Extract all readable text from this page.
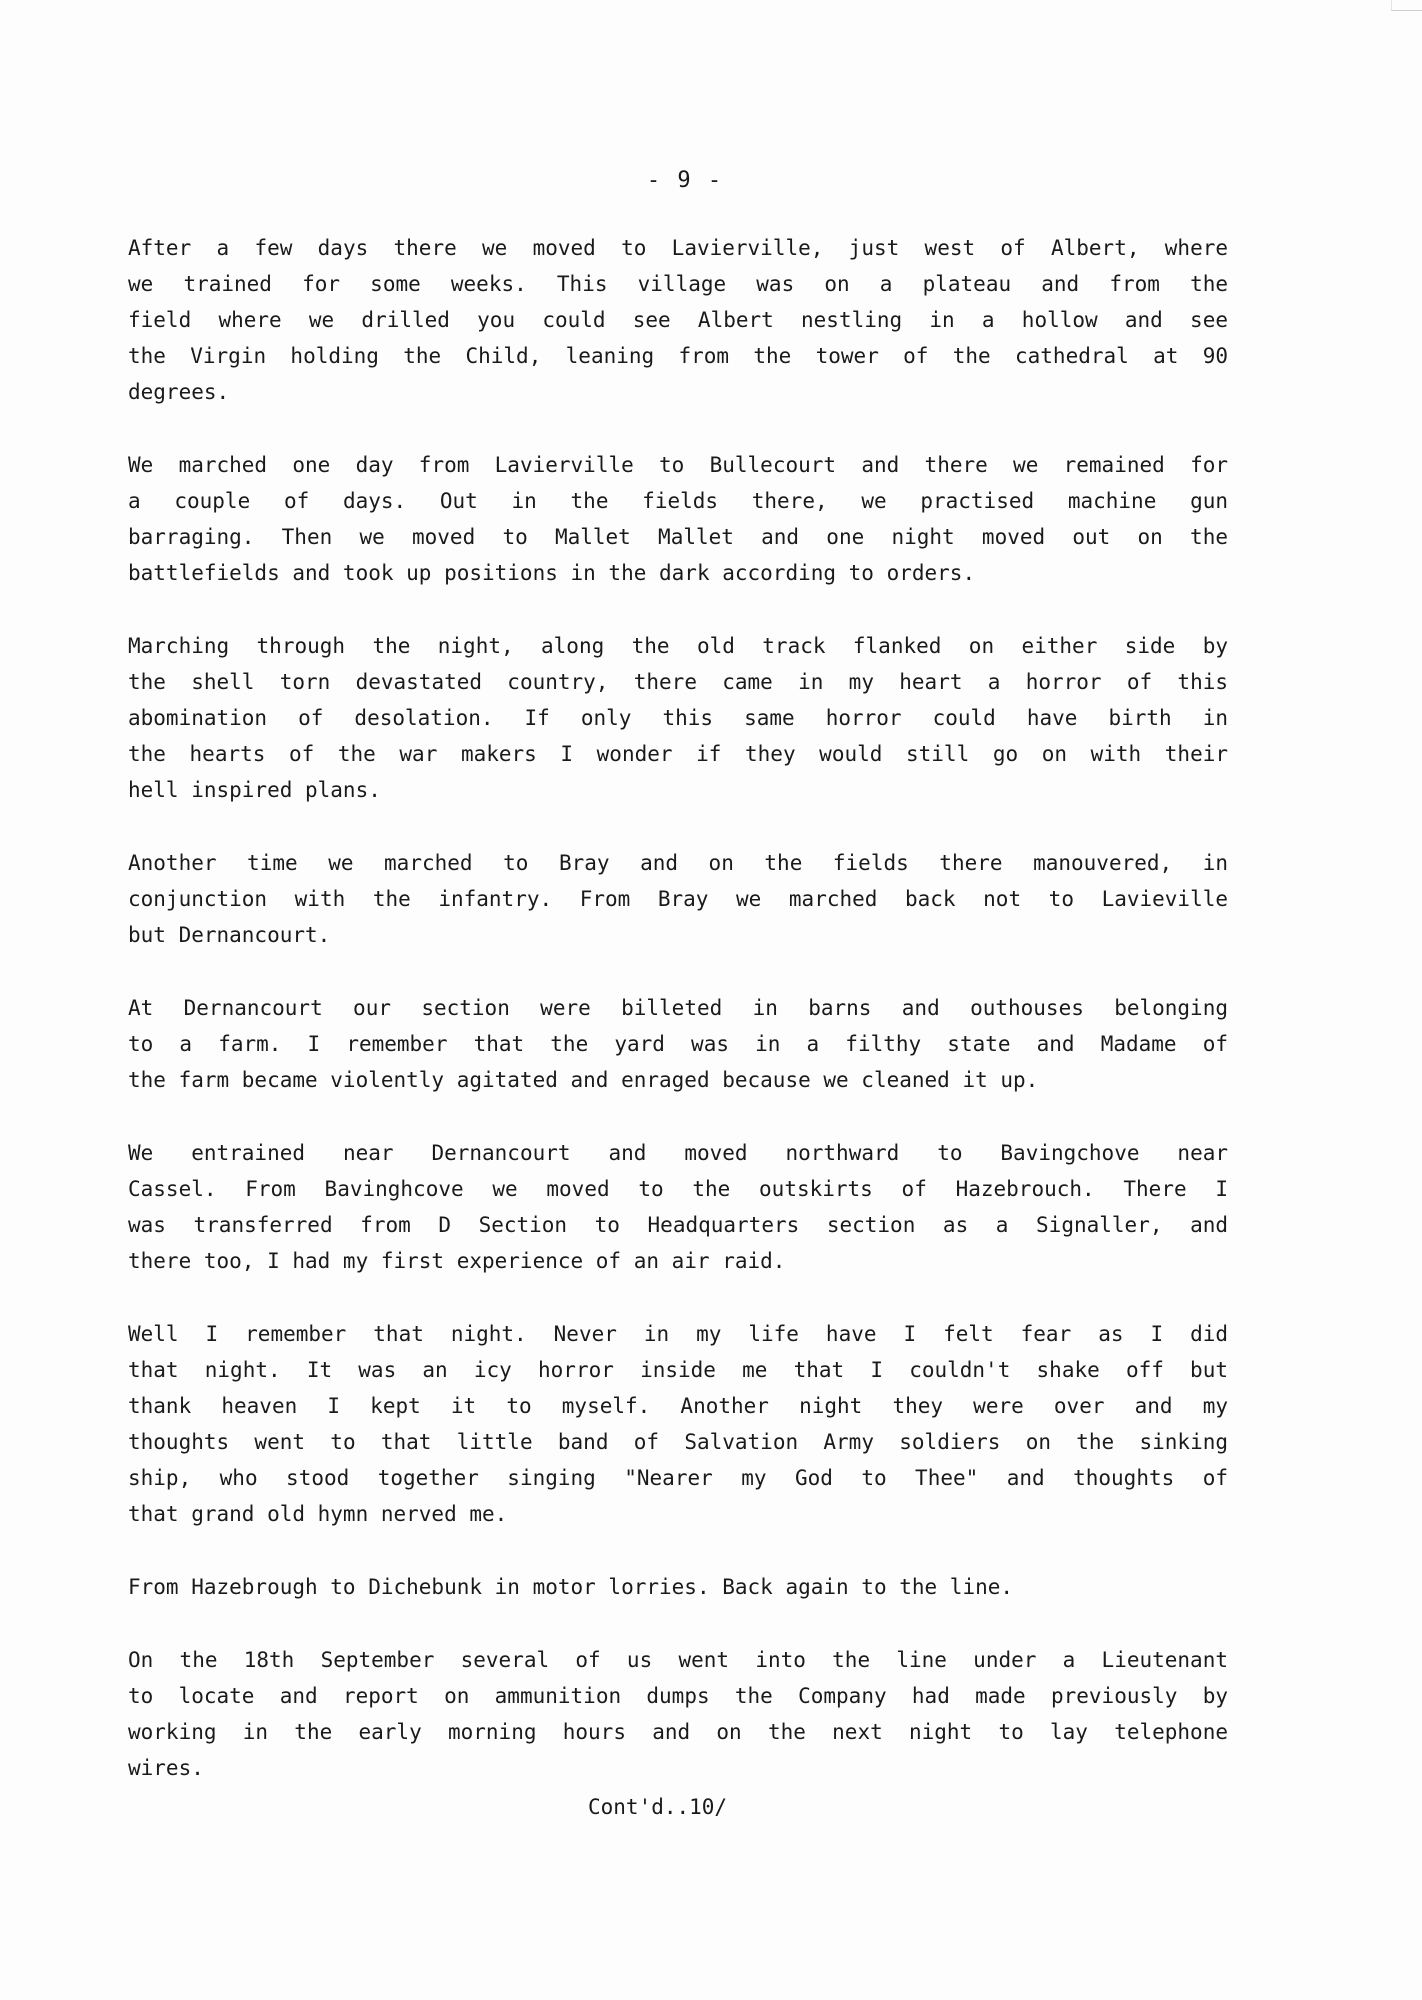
- 9 -
After a few days there we moved to Lavierville, just west of Albert, where
we trained for some weeks. This village was on a plateau and from the
field where we drilled you could see Albert nestling in a hollow and see
the Virgin holding the Child, leaning from the tower of the cathedral at 90
degrees.
We marched one day from Lavierville to Bullecourt and there we remained for
a couple of days. Out in the fields there, we practised machine gun
barraging. Then we moved to Mallet Mallet and one night moved out on the
battlefields and took up positions in the dark according to orders.
Marching through the night, along the old track flanked on either side by
the shell torn devastated country, there came in my heart a horror of this
abomination of desolation. If only this same horror could have birth in
the hearts of the war makers I wonder if they would still go on with their
hell inspired plans.
Another time we marched to Bray and on the fields there manouvered, in
conjunction with the infantry. From Bray we marched back not to Lavieville
but Dernancourt.
At Dernancourt our section were billeted in barns and outhouses belonging
to a farm. I remember that the yard was in a filthy state and Madame of
the farm became violently agitated and enraged because we cleaned it up.
We entrained near Dernancourt and moved northward to Bavingchove near
Cassel. From Bavinghcove we moved to the outskirts of Hazebrouch. There I
was transferred from D Section to Headquarters section as a Signaller, and
there too, I had my first experience of an air raid.
Well I remember that night. Never in my life have I felt fear as I did
that night. It was an icy horror inside me that I couldn't shake off but
thank heaven I kept it to myself. Another night they were over and my
thoughts went to that little band of Salvation Army soldiers on the sinking
ship, who stood together singing "Nearer my God to Thee" and thoughts of
that grand old hymn nerved me.
From Hazebrough to Dichebunk in motor lorries. Back again to the line.
On the 18th September several of us went into the line under a Lieutenant
to locate and report on ammunition dumps the Company had made previously by
working in the early morning hours and on the next night to lay telephone
wires.
Cont'd..10/
